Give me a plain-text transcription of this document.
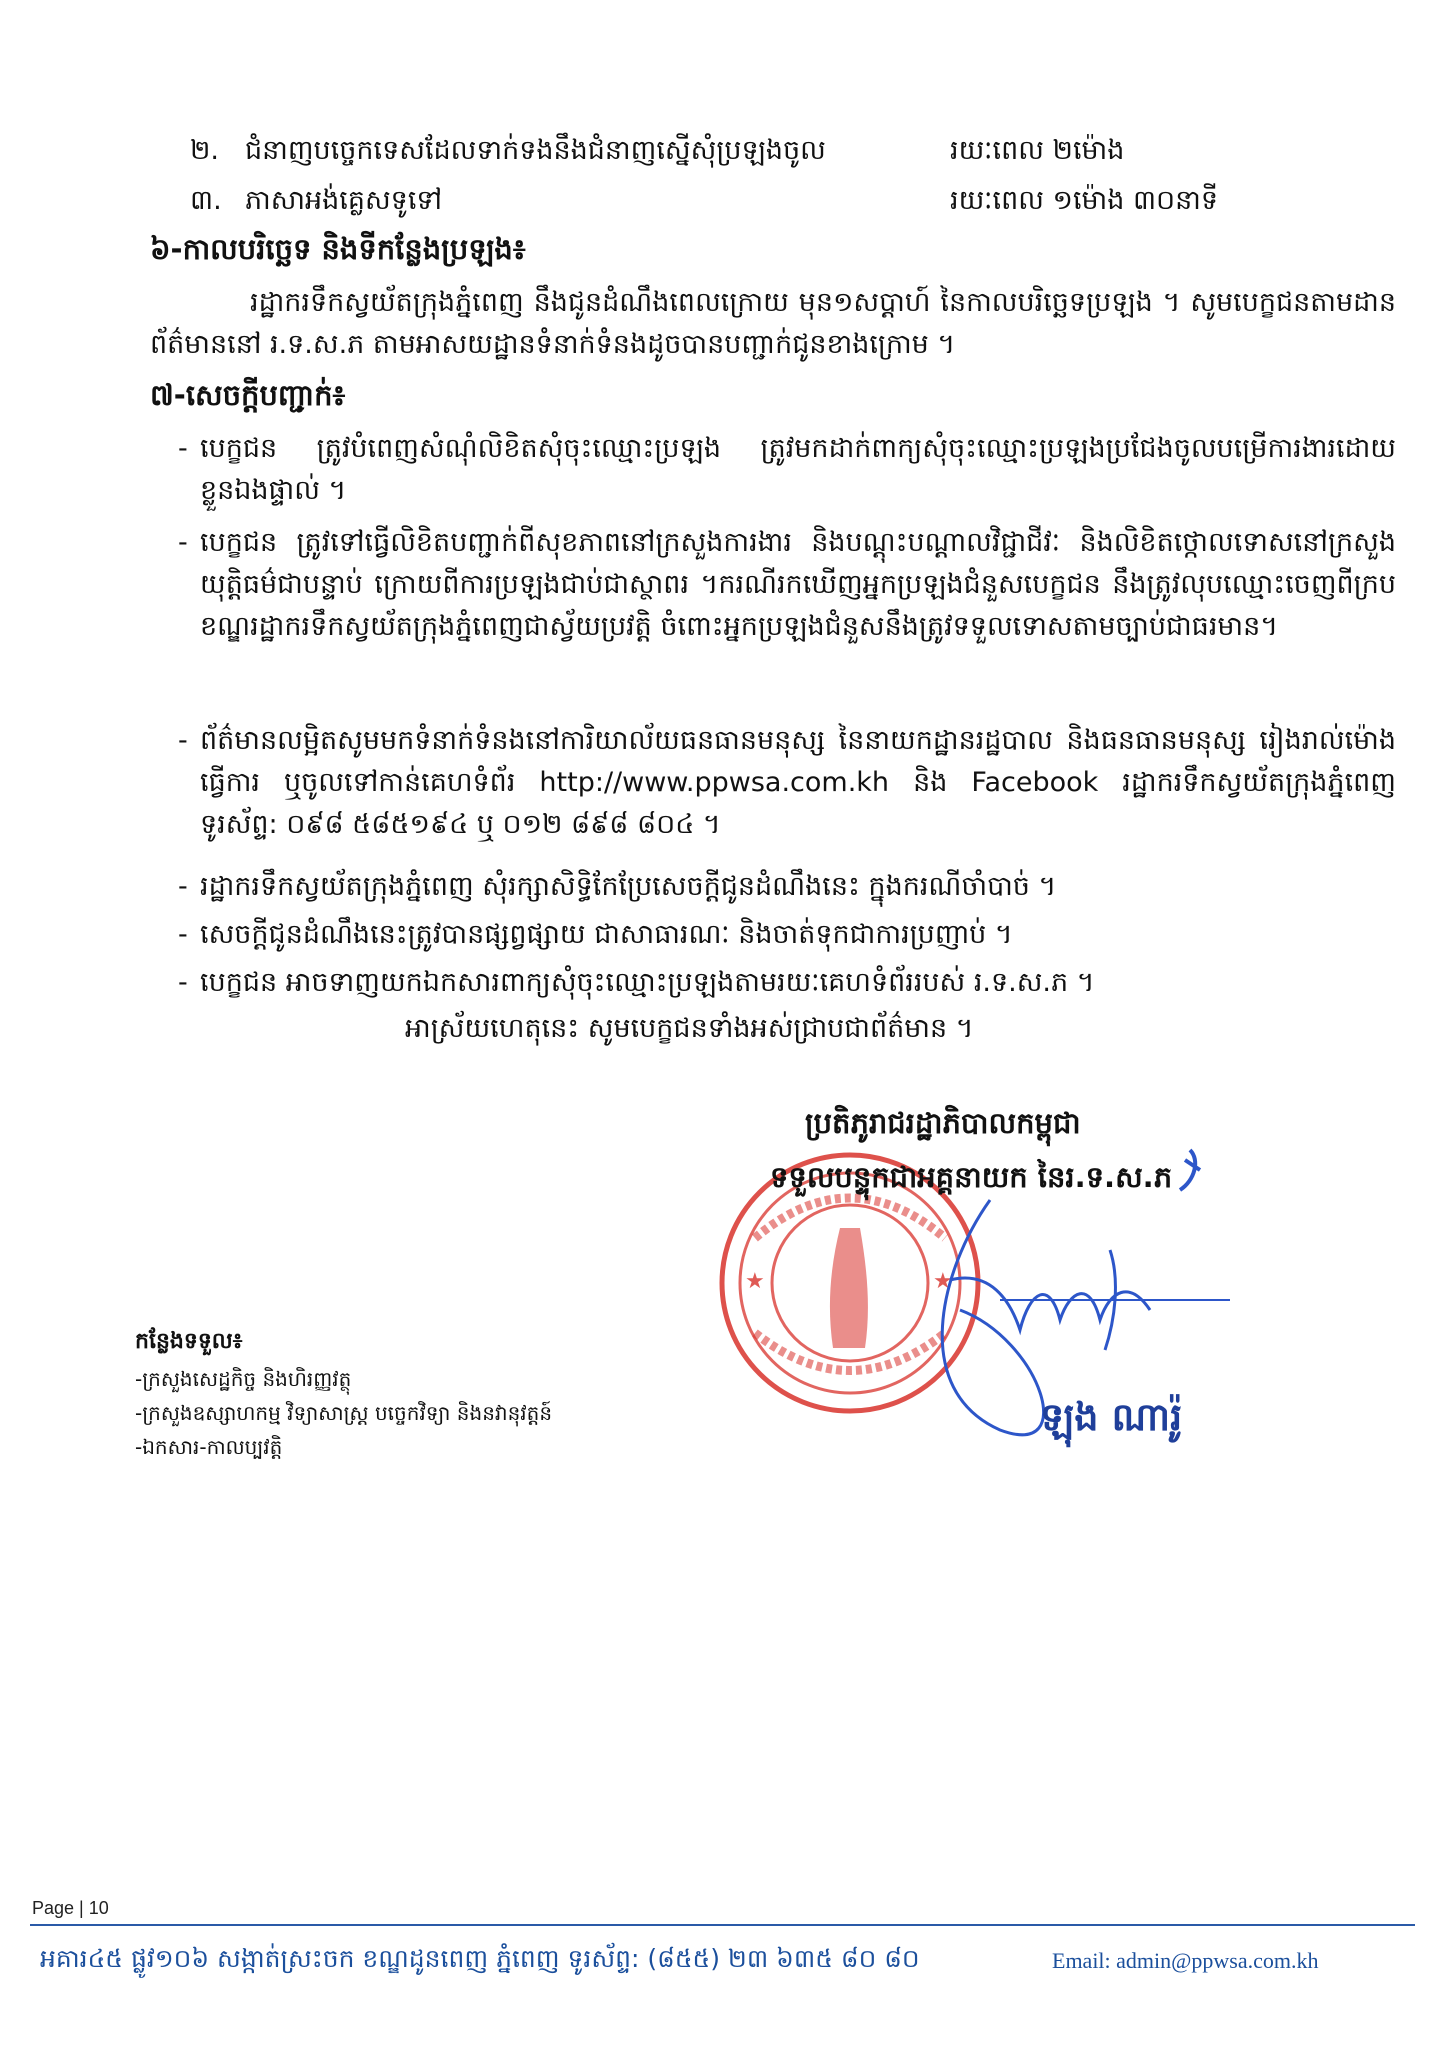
២. ជំនាញបច្ចេកទេសដែលទាក់ទងនឹងជំនាញស្នើសុំប្រឡងចូល	រយៈពេល ២ម៉ោង
៣. ភាសាអង់គ្លេសទូទៅ	រយៈពេល ១ម៉ោង ៣០នាទី
៦-កាលបរិច្ឆេទ និងទីកន្លែងប្រឡង៖
រដ្ឋាករទឹកស្វយ័តក្រុងភ្នំពេញ នឹងជូនដំណឹងពេលក្រោយ មុន១សប្ដាហ៍ នៃកាលបរិច្ឆេទប្រឡង ។ សូមបេក្ខជនតាមដានព័ត៌មាននៅ រ.ទ.ស.ភ តាមអាសយដ្ឋានទំនាក់ទំនងដូចបានបញ្ជាក់ជូនខាងក្រោម ។
៧-សេចក្តីបញ្ជាក់៖
- បេក្ខជន ត្រូវបំពេញសំណុំលិខិតសុំចុះឈ្មោះប្រឡង ត្រូវមកដាក់ពាក្យសុំចុះឈ្មោះប្រឡងប្រជែងចូលបម្រើការងារដោយខ្លួនឯងផ្ទាល់ ។
- បេក្ខជន ត្រូវទៅធ្វើលិខិតបញ្ជាក់ពីសុខភាពនៅក្រសួងការងារ និងបណ្តុះបណ្តាលវិជ្ជាជីវៈ និងលិខិតថ្កោលទោសនៅក្រសួងយុត្តិធម៌ជាបន្ទាប់ ក្រោយពីការប្រឡងជាប់ជាស្ថាពរ ។ករណីរកឃើញអ្នកប្រឡងជំនួសបេក្ខជន នឹងត្រូវលុបឈ្មោះចេញពីក្របខណ្ឌរដ្ឋាករទឹកស្វយ័តក្រុងភ្នំពេញជាស្វ័យប្រវត្តិ ចំពោះអ្នកប្រឡងជំនួសនឹងត្រូវទទួលទោសតាមច្បាប់ជាធរមាន។
- ព័ត៌មានលម្អិតសូមមកទំនាក់ទំនងនៅការិយាល័យធនធានមនុស្ស នៃនាយកដ្ឋានរដ្ឋបាល និងធនធានមនុស្ស រៀងរាល់ម៉ោងធ្វើការ ឬចូលទៅកាន់គេហទំព័រ http://www.ppwsa.com.kh និង Facebook រដ្ឋាករទឹកស្វយ័តក្រុងភ្នំពេញ ទូរស័ព្ទ: ០៩៨ ៥៨៥១៩៤ ឬ ០១២ ៨៩៨ ៨០៤ ។
- រដ្ឋាករទឹកស្វយ័តក្រុងភ្នំពេញ សុំរក្សាសិទ្ធិកែប្រែសេចក្តីជូនដំណឹងនេះ ក្នុងករណីចាំបាច់ ។
- សេចក្តីជូនដំណឹងនេះត្រូវបានផ្សព្វផ្សាយ ជាសាធារណៈ និងចាត់ទុកជាការប្រញាប់ ។
- បេក្ខជន អាចទាញយកឯកសារពាក្យសុំចុះឈ្មោះប្រឡងតាមរយៈគេហទំព័ររបស់ រ.ទ.ស.ភ ។
អាស្រ័យហេតុនេះ សូមបេក្ខជនទាំងអស់ជ្រាបជាព័ត៌មាន ។
★	★
ប្រតិភូរាជរដ្ឋាភិបាលកម្ពុជា
ទទួលបន្ទុកជាអគ្គនាយក នៃរ.ទ.ស.ភ
ឡុង ណារ៉ូ
កន្លែងទទួល៖
-ក្រសួងសេដ្ឋកិច្ច និងហិរញ្ញវត្ថុ
-ក្រសួងឧស្សាហកម្ម វិទ្យាសាស្ត្រ បច្ចេកវិទ្យា និងនវានុវត្តន៍
-ឯកសារ-កាលប្បវត្តិ
Page | 10
អគារ៤៥ ផ្លូវ១០៦ សង្កាត់ស្រះចក ខណ្ឌដូនពេញ ភ្នំពេញ ទូរស័ព្ទ: (៨៥៥) ២៣ ៦៣៥ ៨០ ៨០	Email: admin@ppwsa.com.kh
